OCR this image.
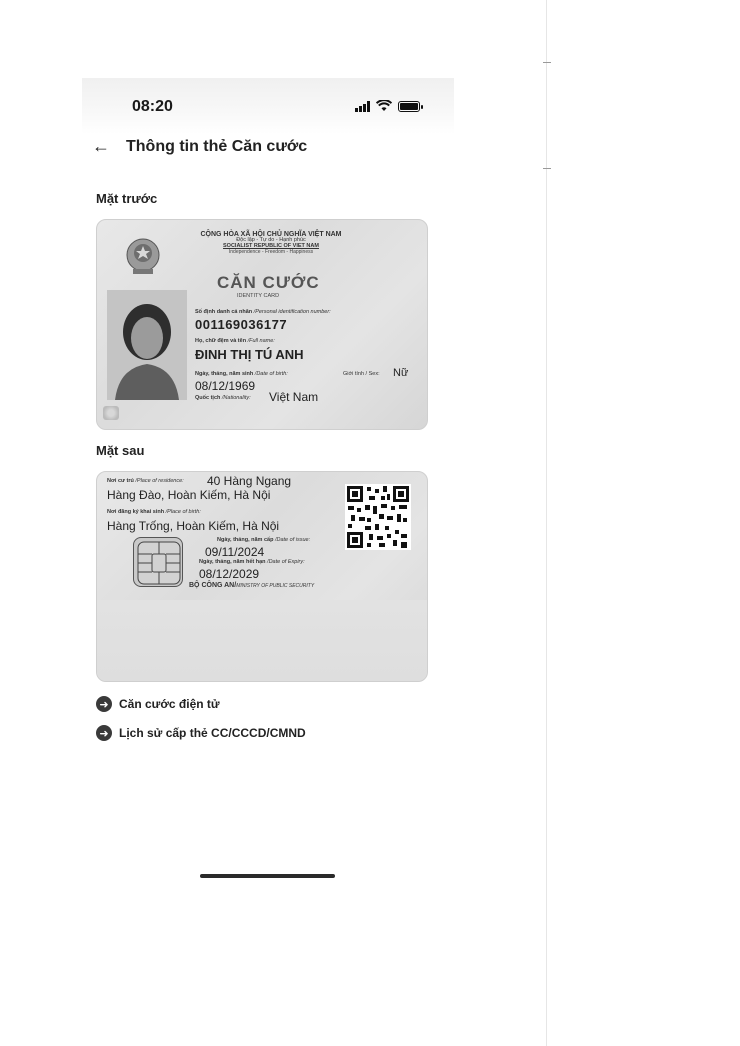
08:20
← Thông tin thẻ Căn cước
Mặt trước
CỘNG HÒA XÃ HỘI CHỦ NGHĨA VIỆT NAM
Độc lập - Tự do - Hạnh phúc
SOCIALIST REPUBLIC OF VIET NAM
Independence - Freedom - Happiness
CĂN CƯỚC
IDENTITY CARD
Số định danh cá nhân /Personal identification number:
001169036177
Họ, chữ đệm và tên /Full name:
ĐINH THỊ TÚ ANH
Ngày, tháng, năm sinh /Date of birth:
08/12/1969
Giới tính / Sex: Nữ
Quốc tịch /Nationality: Việt Nam
Mặt sau
Nơi cư trú /Place of residence: 40 Hàng Ngang
Hàng Đào, Hoàn Kiếm, Hà Nội
Nơi đăng ký khai sinh /Place of birth:
Hàng Trống, Hoàn Kiếm, Hà Nội
Ngày, tháng, năm cấp /Date of issue:
09/11/2024
Ngày, tháng, năm hết hạn /Date of Expiry:
08/12/2029
BỘ CÔNG AN/MINISTRY OF PUBLIC SECURITY
➜ Căn cước điện tử
➜ Lịch sử cấp thẻ CC/CCCD/CMND
